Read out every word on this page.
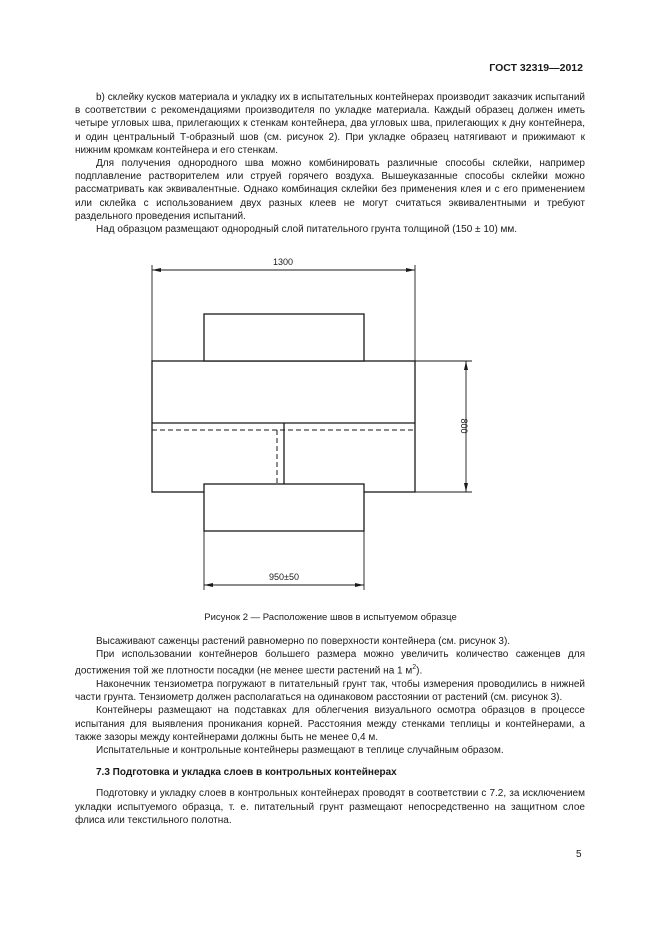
ГОСТ 32319—2012

b) склейку кусков материала и укладку их в испытательных контейнерах производит заказчик испытаний в соответствии с рекомендациями производителя по укладке материала. Каждый образец должен иметь четыре угловых шва, прилегающих к стенкам контейнера, два угловых шва, прилегающих к дну контейнера, и один центральный Т-образный шов (см. рисунок 2). При укладке образец натягивают и прижимают к нижним кромкам контейнера и его стенкам.

Для получения однородного шва можно комбинировать различные способы склейки, например подплавление растворителем или струей горячего воздуха. Вышеуказанные способы склейки можно рассматривать как эквивалентные. Однако комбинация склейки без применения клея и с его применением или склейка с использованием двух разных клеев не могут считаться эквивалентными и требуют раздельного проведения испытаний.

Над образцом размещают однородный слой питательного грунта толщиной (150 ± 10) мм.

1300
800
950±50
Рисунок 2 — Расположение швов в испытуемом образце

Высаживают саженцы растений равномерно по поверхности контейнера (см. рисунок 3).

При использовании контейнеров большего размера можно увеличить количество саженцев для достижения той же плотности посадки (не менее шести растений на 1 $м^2$).

Наконечник тензиометра погружают в питательный грунт так, чтобы измерения проводились в нижней части грунта. Тензиометр должен располагаться на одинаковом расстоянии от растений (см. рисунок 3).

Контейнеры размещают на подставках для облегчения визуального осмотра образцов в процессе испытания для выявления проникания корней. Расстояния между стенками теплицы и контейнерами, а также зазоры между контейнерами должны быть не менее 0,4 м.

Испытательные и контрольные контейнеры размещают в теплице случайным образом.

7.3 Подготовка и укладка слоев в контрольных контейнерах

Подготовку и укладку слоев в контрольных контейнерах проводят в соответствии с 7.2, за исключением укладки испытуемого образца, т. е. питательный грунт размещают непосредственно на защитном слое флиса или текстильного полотна.

5
